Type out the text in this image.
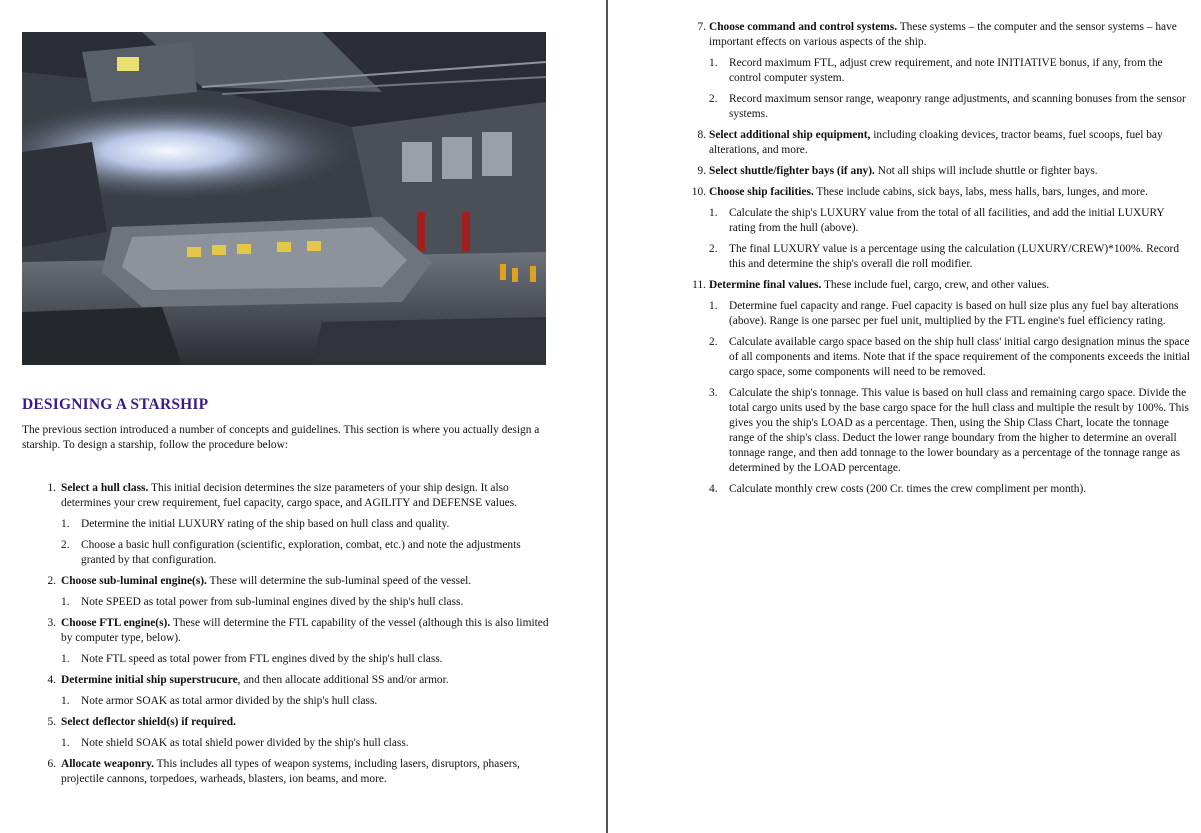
DESIGNING A STARSHIP

The previous section introduced a number of concepts and guidelines. This section is where you actually design a starship. To design a starship, follow the procedure below:

1. Select a hull class. This initial decision determines the size parameters of your ship design. It also determines your crew requirement, fuel capacity, cargo space, and AGILITY and DEFENSE values.
1. Determine the initial LUXURY rating of the ship based on hull class and quality.
2. Choose a basic hull configuration (scientific, exploration, combat, etc.) and note the adjustments granted by that configuration.
2. Choose sub-luminal engine(s). These will determine the sub-luminal speed of the vessel.
1. Note SPEED as total power from sub-luminal engines dived by the ship's hull class.
3. Choose FTL engine(s). These will determine the FTL capability of the vessel (although this is also limited by computer type, below).
1. Note FTL speed as total power from FTL engines dived by the ship's hull class.
4. Determine initial ship superstrucure, and then allocate additional SS and/or armor.
1. Note armor SOAK as total armor divided by the ship's hull class.
5. Select deflector shield(s) if required.
1. Note shield SOAK as total shield power divided by the ship's hull class.
6. Allocate weaponry. This includes all types of weapon systems, including lasers, disruptors, phasers, projectile cannons, torpedoes, warheads, blasters, ion beams, and more.
7. Choose command and control systems. These systems – the computer and the sensor systems – have important effects on various aspects of the ship.
1. Record maximum FTL, adjust crew requirement, and note INITIATIVE bonus, if any, from the control computer system.
2. Record maximum sensor range, weaponry range adjustments, and scanning bonuses from the sensor systems.
8. Select additional ship equipment, including cloaking devices, tractor beams, fuel scoops, fuel bay alterations, and more.
9. Select shuttle/fighter bays (if any). Not all ships will include shuttle or fighter bays.
10. Choose ship facilities. These include cabins, sick bays, labs, mess halls, bars, lunges, and more.
1. Calculate the ship's LUXURY value from the total of all facilities, and add the initial LUXURY rating from the hull (above).
2. The final LUXURY value is a percentage using the calculation (LUXURY/CREW)*100%. Record this and determine the ship's overall die roll modifier.
11. Determine final values. These include fuel, cargo, crew, and other values.
1. Determine fuel capacity and range. Fuel capacity is based on hull size plus any fuel bay alterations (above). Range is one parsec per fuel unit, multiplied by the FTL engine's fuel efficiency rating.
2. Calculate available cargo space based on the ship hull class' initial cargo designation minus the space of all components and items. Note that if the space requirement of the components exceeds the initial cargo space, some components will need to be removed.
3. Calculate the ship's tonnage. This value is based on hull class and remaining cargo space. Divide the total cargo units used by the base cargo space for the hull class and multiple the result by 100%. This gives you the ship's LOAD as a percentage. Then, using the Ship Class Chart, locate the tonnage range of the ship's class. Deduct the lower range boundary from the higher to determine an overall tonnage range, and then add tonnage to the lower boundary as a percentage of the tonnage range as determined by the LOAD percentage.
4. Calculate monthly crew costs (200 Cr. times the crew compliment per month).
